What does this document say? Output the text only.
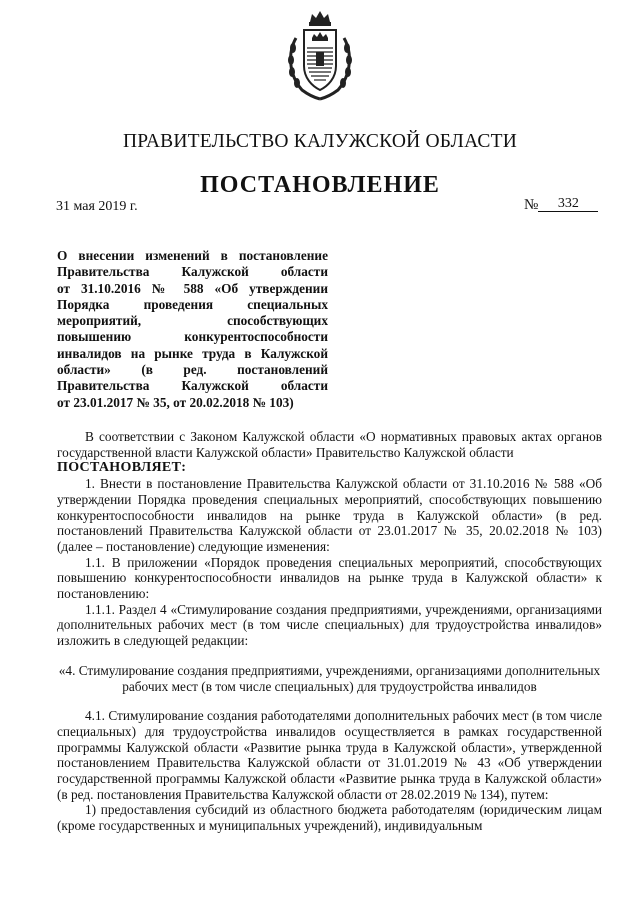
ПРАВИТЕЛЬСТВО КАЛУЖСКОЙ ОБЛАСТИ
ПОСТАНОВЛЕНИЕ
31 мая 2019 г.	№ 332
О внесении изменений в постановление
Правительства Калужской области
от 31.10.2016 № 588 «Об утверждении
Порядка проведения специальных
мероприятий, способствующих
повышению конкурентоспособности
инвалидов на рынке труда в Калужской
области» (в ред. постановлений
Правительства Калужской области
от 23.01.2017 № 35, от 20.02.2018 № 103)

В соответствии с Законом Калужской области «О нормативных правовых актах органов государственной власти Калужской области» Правительство Калужской области

ПОСТАНОВЛЯЕТ:

1. Внести в постановление Правительства Калужской области от 31.10.2016 № 588 «Об утверждении Порядка проведения специальных мероприятий, способствующих повышению конкурентоспособности инвалидов на рынке труда в Калужской области» (в ред. постановлений Правительства Калужской области от 23.01.2017 № 35, 20.02.2018 № 103) (далее – постановление) следующие изменения:

1.1. В приложении «Порядок проведения специальных мероприятий, способствующих повышению конкурентоспособности инвалидов на рынке труда в Калужской области» к постановлению:

1.1.1. Раздел 4 «Стимулирование создания предприятиями, учреждениями, организациями дополнительных рабочих мест (в том числе специальных) для трудоустройства инвалидов» изложить в следующей редакции:

«4. Стимулирование создания предприятиями, учреждениями, организациями дополнительных рабочих мест (в том числе специальных) для трудоустройства инвалидов

4.1. Стимулирование создания работодателями дополнительных рабочих мест (в том числе специальных) для трудоустройства инвалидов осуществляется в рамках государственной программы Калужской области «Развитие рынка труда в Калужской области», утвержденной постановлением Правительства Калужской области от 31.01.2019 № 43 «Об утверждении государственной программы Калужской области «Развитие рынка труда в Калужской области» (в ред. постановления Правительства Калужской области от 28.02.2019 № 134), путем:

1) предоставления субсидий из областного бюджета работодателям (юридическим лицам (кроме государственных и муниципальных учреждений), индивидуальным
